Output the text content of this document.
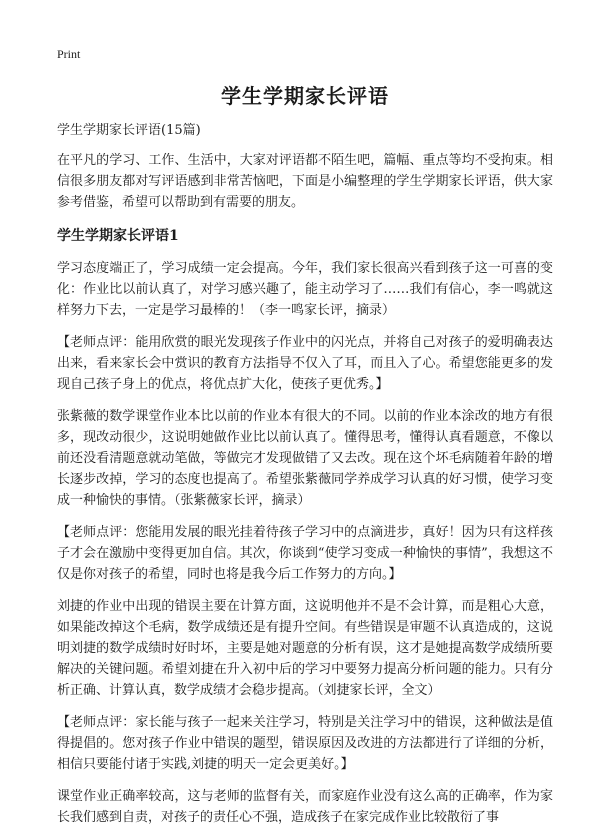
Print
学生学期家长评语
学生学期家长评语(15篇)

在平凡的学习、工作、生活中，大家对评语都不陌生吧，篇幅、重点等均不受拘束。相信很多朋友都对写评语感到非常苦恼吧，下面是小编整理的学生学期家长评语，供大家参考借鉴，希望可以帮助到有需要的朋友。

学生学期家长评语1

学习态度端正了，学习成绩一定会提高。今年，我们家长很高兴看到孩子这一可喜的变化：作业比以前认真了，对学习感兴趣了，能主动学习了……我们有信心，李一鸣就这样努力下去，一定是学习最棒的！（李一鸣家长评，摘录）

【老师点评：能用欣赏的眼光发现孩子作业中的闪光点，并将自己对孩子的爱明确表达出来，看来家长会中赏识的教育方法指导不仅入了耳，而且入了心。希望您能更多的发现自己孩子身上的优点，将优点扩大化，使孩子更优秀。】

张紫薇的数学课堂作业本比以前的作业本有很大的不同。以前的作业本涂改的地方有很多，现改动很少，这说明她做作业比以前认真了。懂得思考，懂得认真看题意，不像以前还没看清题意就动笔做，等做完才发现做错了又去改。现在这个坏毛病随着年龄的增长逐步改掉，学习的态度也提高了。希望张紫薇同学养成学习认真的好习惯，使学习变成一种愉快的事情。（张紫薇家长评，摘录）

【老师点评：您能用发展的眼光挂着待孩子学习中的点滴进步，真好！因为只有这样孩子才会在激励中变得更加自信。其次，你谈到“使学习变成一种愉快的事情”，我想这不仅是你对孩子的希望，同时也将是我今后工作努力的方向。】

刘捷的作业中出现的错误主要在计算方面，这说明他并不是不会计算，而是粗心大意，如果能改掉这个毛病，数学成绩还是有提升空间。有些错误是审题不认真造成的，这说明刘捷的数学成绩时好时坏，主要是她对题意的分析有误，这才是她提高数学成绩所要解决的关键问题。希望刘捷在升入初中后的学习中要努力提高分析问题的能力。只有分析正确、计算认真，数学成绩才会稳步提高。（刘捷家长评，全文）

【老师点评：家长能与孩子一起来关注学习，特别是关注学习中的错误，这种做法是值得提倡的。您对孩子作业中错误的题型，错误原因及改进的方法都进行了详细的分析，相信只要能付诸于实践,刘捷的明天一定会更美好。】

课堂作业正确率较高，这与老师的监督有关，而家庭作业没有这么高的正确率，作为家长我们感到自责，对孩子的责任心不强，造成孩子在家完成作业比较散衍了事
